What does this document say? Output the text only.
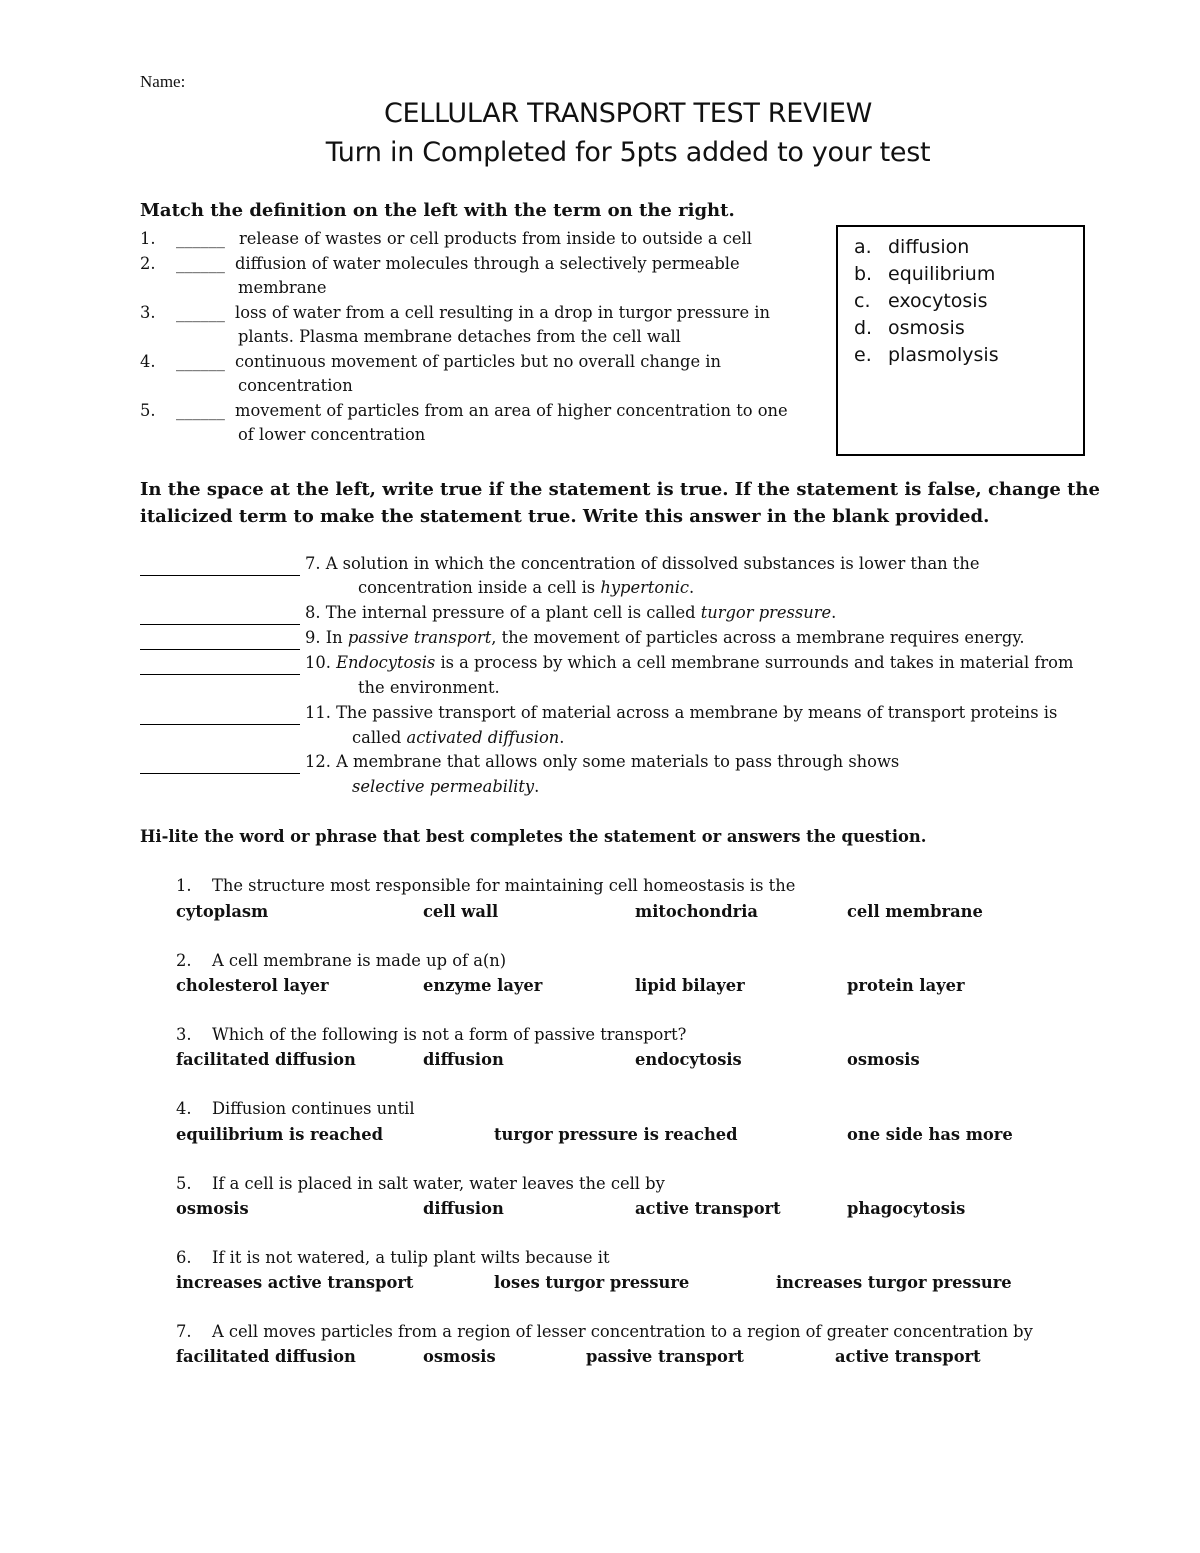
Name:
CELLULAR TRANSPORT TEST REVIEW
Turn in Completed for 5pts added to your test
Match the definition on the left with the term on the right.
1. ______ release of wastes or cell products from inside to outside a cell
2. ______ diffusion of water molecules through a selectively permeable
membrane
3. ______ loss of water from a cell resulting in a drop in turgor pressure in
plants. Plasma membrane detaches from the cell wall
4. ______ continuous movement of particles but no overall change in
concentration
5. ______ movement of particles from an area of higher concentration to one
of lower concentration
a. diffusion
b. equilibrium
c. exocytosis
d. osmosis
e. plasmolysis
In the space at the left, write true if the statement is true. If the statement is false, change the
italicized term to make the statement true. Write this answer in the blank provided.
7. A solution in which the concentration of dissolved substances is lower than the
concentration inside a cell is hypertonic.
8. The internal pressure of a plant cell is called turgor pressure.
9. In passive transport, the movement of particles across a membrane requires energy.
10. Endocytosis is a process by which a cell membrane surrounds and takes in material from
the environment.
11. The passive transport of material across a membrane by means of transport proteins is
called activated diffusion.
12. A membrane that allows only some materials to pass through shows
selective permeability.
Hi-lite the word or phrase that best completes the statement or answers the question.
1. The structure most responsible for maintaining cell homeostasis is the
cytoplasm	cell wall	mitochondria	cell membrane
2. A cell membrane is made up of a(n)
cholesterol layer	enzyme layer	lipid bilayer	protein layer
3. Which of the following is not a form of passive transport?
facilitated diffusion	diffusion	endocytosis	osmosis
4. Diffusion continues until
equilibrium is reached	turgor pressure is reached	one side has more
5. If a cell is placed in salt water, water leaves the cell by
osmosis	diffusion	active transport	phagocytosis
6. If it is not watered, a tulip plant wilts because it
increases active transport	loses turgor pressure	increases turgor pressure
7. A cell moves particles from a region of lesser concentration to a region of greater concentration by
facilitated diffusion	osmosis	passive transport	active transport
